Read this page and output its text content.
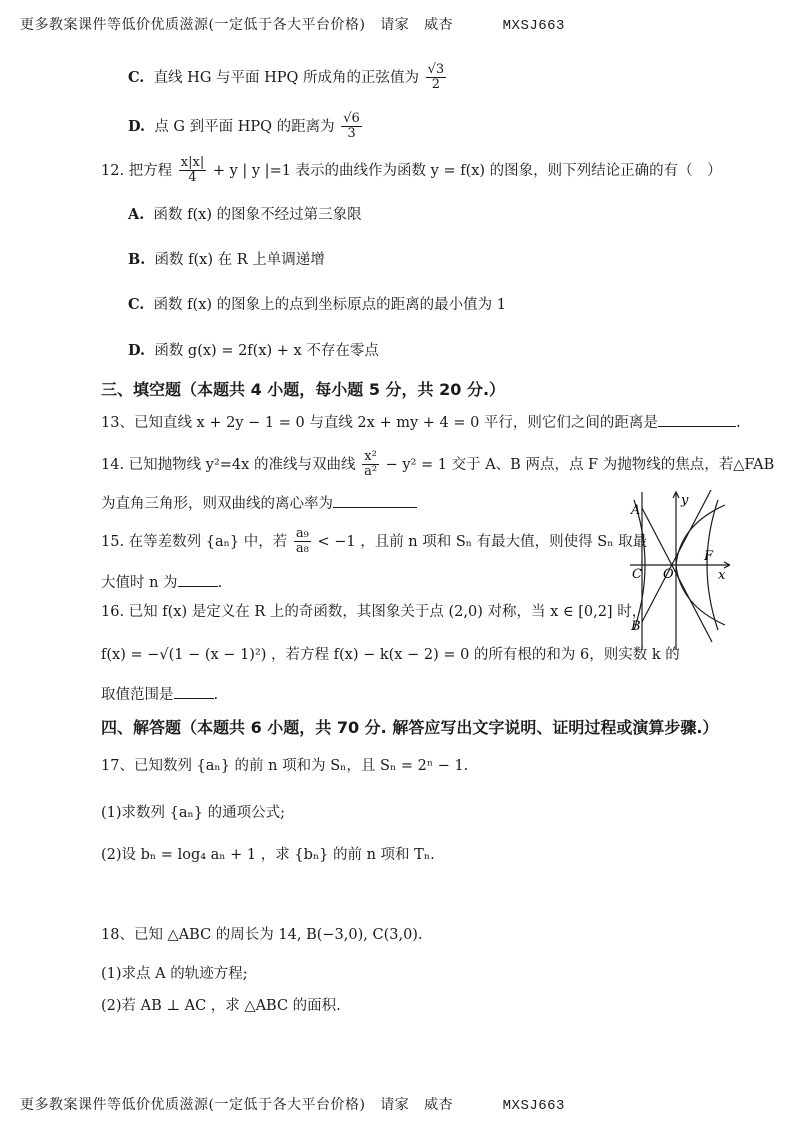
更多教案课件等低价优质滋源(一定低于各大平台价格)   请家   威杏          MXSJ663
C. 直线 HG 与平面 HPQ 所成角的正弦值为 $\frac{√3}{2}$
D. 点 G 到平面 HPQ 的距离为 $\frac{√6}{3}$
12. 把方程 $\frac{x|x|}{4} + y$ | y |=1 表示的曲线作为函数 y = f(x) 的图象，则下列结论正确的有（　）
A. 函数 f(x) 的图象不经过第三象限
B. 函数 f(x) 在 R 上单调递增
C. 函数 f(x) 的图象上的点到坐标原点的距离的最小值为 1
D. 函数 g(x) = 2f(x) + x 不存在零点
三、填空题（本题共 4 小题，每小题 5 分，共 20 分.）
13、已知直线 x + 2y − 1 = 0 与直线 2x + my + 4 = 0 平行，则它们之间的距离是	.
14. 已知抛物线 y²=4x 的准线与双曲线 $\frac{\text{x²}}{\text{a²}} - y^2 = 1$ 交于 A、B 两点，点 F 为抛物线的焦点，若△FAB
为直角三角形，则双曲线的离心率为
15. 在等差数列 {aₙ} 中，若 $\frac{\text{a₉}}{\text{a₈}} < -1$ ，且前 n 项和 Sₙ 有最大值，则使得 Sₙ 取最
大值时 n 为	.
16. 已知 f(x) 是定义在 R 上的奇函数，其图象关于点 (2,0) 对称，当 x ∈ [0,2] 时，
f(x) = −√(1 − (x − 1)²) ，若方程 f(x) − k(x − 2) = 0 的所有根的和为 6，则实数 k 的
取值范围是	.
四、解答题（本题共 6 小题，共 70 分. 解答应写出文字说明、证明过程或演算步骤.）
17、已知数列 {aₙ} 的前 n 项和为 Sₙ，且 Sₙ = 2ⁿ − 1.
(1)求数列 {aₙ} 的通项公式;
(2)设 bₙ = log₄ aₙ + 1 ，求 {bₙ} 的前 n 项和 Tₙ.
18、已知 △ABC 的周长为 14, B(−3,0), C(3,0).
(1)求点 A 的轨迹方程;
(2)若 AB ⊥ AC ，求 △ABC 的面积.
A
B
C O
F
x
y
更多教案课件等低价优质滋源(一定低于各大平台价格)   请家   威杏          MXSJ663
